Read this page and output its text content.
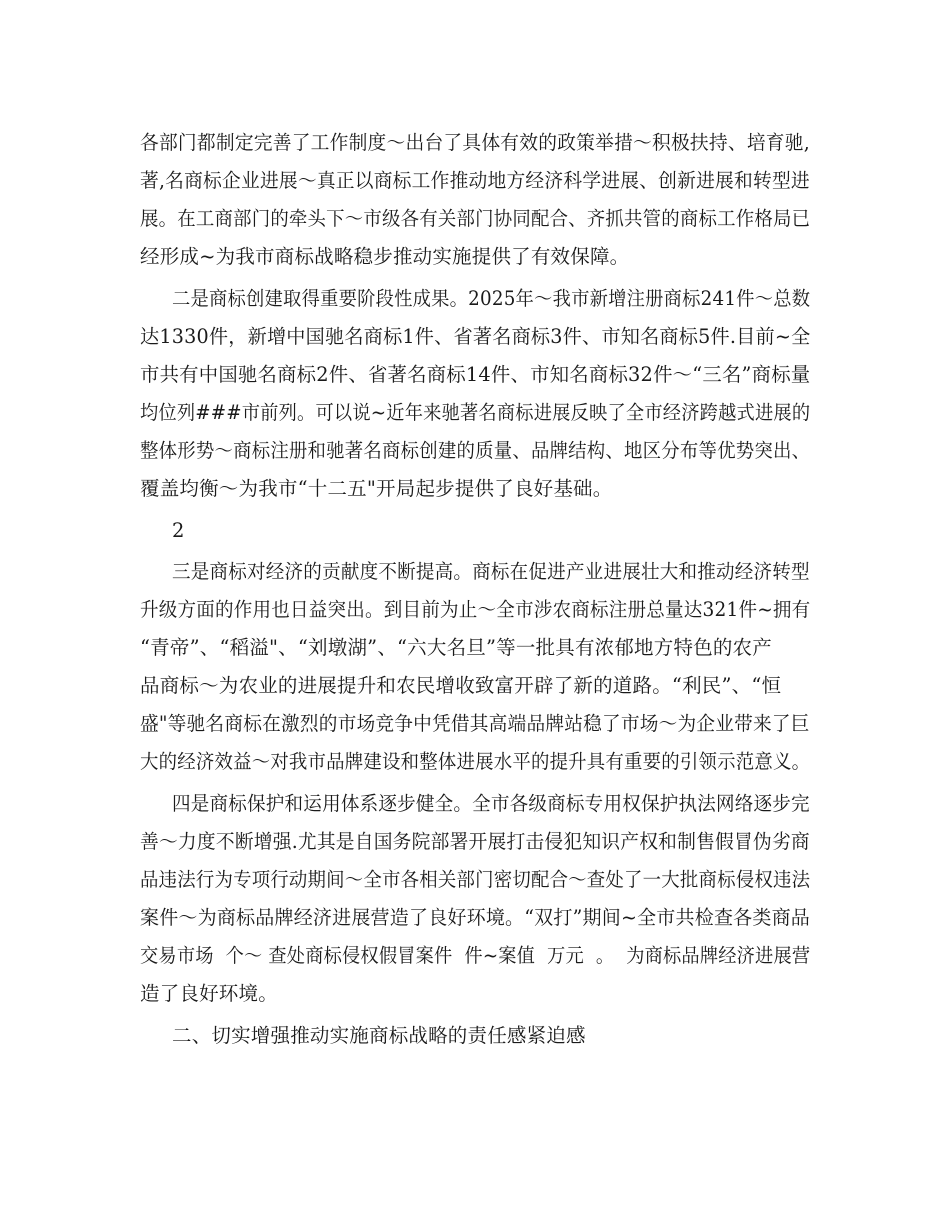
各部门都制定完善了工作制度～出台了具体有效的政策举措～积极扶持、培育驰,
著,名商标企业进展～真正以商标工作推动地方经济科学进展、创新进展和转型进
展。在工商部门的牵头下～市级各有关部门协同配合、齐抓共管的商标工作格局已
经形成~为我市商标战略稳步推动实施提供了有效保障。
二是商标创建取得重要阶段性成果。2025年～我市新增注册商标241件～总数
达1330件，新增中国驰名商标1件、省著名商标3件、市知名商标5件.目前~全
市共有中国驰名商标2件、省著名商标14件、市知名商标32件～“三名”商标量
均位列###市前列。可以说~近年来驰著名商标进展反映了全市经济跨越式进展的
整体形势～商标注册和驰著名商标创建的质量、品牌结构、地区分布等优势突出、
覆盖均衡～为我市“十二五"开局起步提供了良好基础。
2
三是商标对经济的贡献度不断提高。商标在促进产业进展壮大和推动经济转型
升级方面的作用也日益突出。到目前为止～全市涉农商标注册总量达321件~拥有
“青帝”、“稻溢"、“刘墩湖”、“六大名旦”等一批具有浓郁地方特色的农产
品商标～为农业的进展提升和农民增收致富开辟了新的道路。“利民”、“恒
盛"等驰名商标在激烈的市场竞争中凭借其高端品牌站稳了市场～为企业带来了巨
大的经济效益～对我市品牌建设和整体进展水平的提升具有重要的引领示范意义。
四是商标保护和运用体系逐步健全。全市各级商标专用权保护执法网络逐步完
善～力度不断增强.尤其是自国务院部署开展打击侵犯知识产权和制售假冒伪劣商
品违法行为专项行动期间～全市各相关部门密切配合～查处了一大批商标侵权违法
案件～为商标品牌经济进展营造了良好环境。“双打”期间~全市共检查各类商品
交易市场  个～ 查处商标侵权假冒案件  件~案值  万元  。  为商标品牌经济进展营
造了良好环境。
二、切实增强推动实施商标战略的责任感紧迫感
